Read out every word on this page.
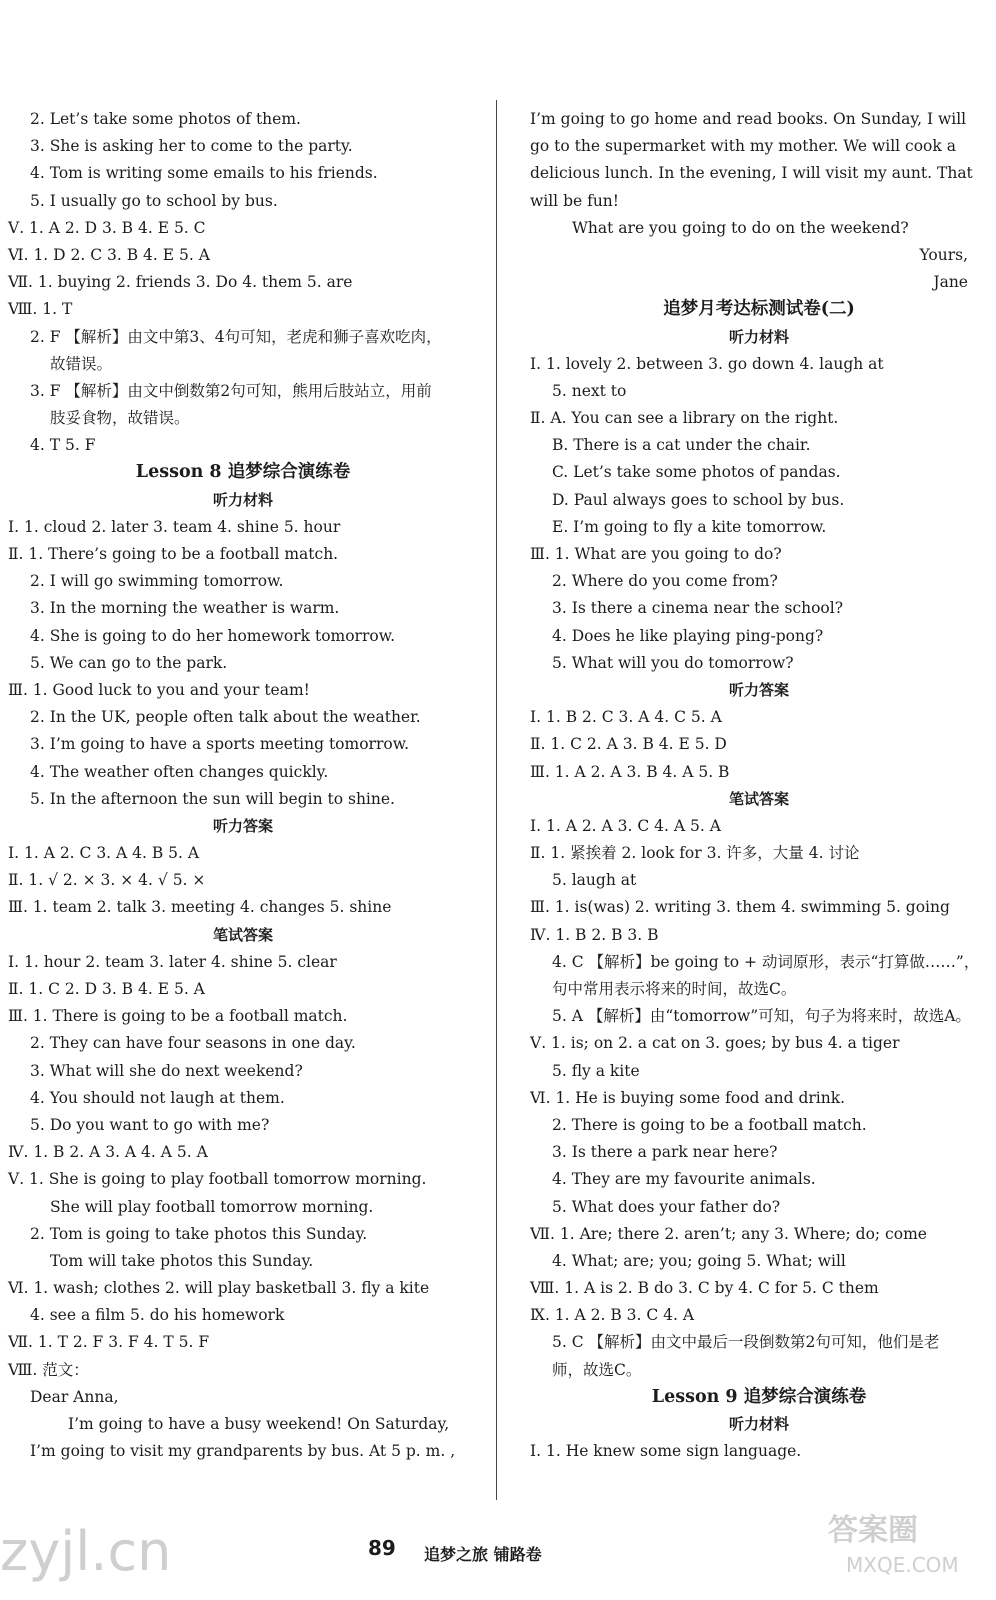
2. Let’s take some photos of them.
3. She is asking her to come to the party.
4. Tom is writing some emails to his friends.
5. I usually go to school by bus.
Ⅴ. 1. A 2. D 3. B 4. E 5. C
Ⅵ. 1. D 2. C 3. B 4. E 5. A
Ⅶ. 1. buying 2. friends 3. Do 4. them 5. are
Ⅷ. 1. T
2. F 【解析】由文中第3、4句可知，老虎和狮子喜欢吃肉，
故错误。
3. F 【解析】由文中倒数第2句可知，熊用后肢站立，用前
肢妥食物，故错误。
4. T 5. F
Lesson 8 追梦综合演练卷
听力材料
Ⅰ. 1. cloud 2. later 3. team 4. shine 5. hour
Ⅱ. 1. There’s going to be a football match.
2. I will go swimming tomorrow.
3. In the morning the weather is warm.
4. She is going to do her homework tomorrow.
5. We can go to the park.
Ⅲ. 1. Good luck to you and your team!
2. In the UK, people often talk about the weather.
3. I’m going to have a sports meeting tomorrow.
4. The weather often changes quickly.
5. In the afternoon the sun will begin to shine.
听力答案
Ⅰ. 1. A 2. C 3. A 4. B 5. A
Ⅱ. 1. √ 2. × 3. × 4. √ 5. ×
Ⅲ. 1. team 2. talk 3. meeting 4. changes 5. shine
笔试答案
Ⅰ. 1. hour 2. team 3. later 4. shine 5. clear
Ⅱ. 1. C 2. D 3. B 4. E 5. A
Ⅲ. 1. There is going to be a football match.
2. They can have four seasons in one day.
3. What will she do next weekend?
4. You should not laugh at them.
5. Do you want to go with me?
Ⅳ. 1. B 2. A 3. A 4. A 5. A
Ⅴ. 1. She is going to play football tomorrow morning.
She will play football tomorrow morning.
2. Tom is going to take photos this Sunday.
Tom will take photos this Sunday.
Ⅵ. 1. wash; clothes 2. will play basketball 3. fly a kite
4. see a film 5. do his homework
Ⅶ. 1. T 2. F 3. F 4. T 5. F
Ⅷ. 范文：
Dear Anna,
I’m going to have a busy weekend! On Saturday,
I’m going to visit my grandparents by bus. At 5 p. m. ,
I’m going to go home and read books. On Sunday, I will
go to the supermarket with my mother. We will cook a
delicious lunch. In the evening, I will visit my aunt. That
will be fun!
What are you going to do on the weekend?
Yours,
Jane
追梦月考达标测试卷(二)
听力材料
Ⅰ. 1. lovely 2. between 3. go down 4. laugh at
5. next to
Ⅱ. A. You can see a library on the right.
B. There is a cat under the chair.
C. Let’s take some photos of pandas.
D. Paul always goes to school by bus.
E. I’m going to fly a kite tomorrow.
Ⅲ. 1. What are you going to do?
2. Where do you come from?
3. Is there a cinema near the school?
4. Does he like playing ping-pong?
5. What will you do tomorrow?
听力答案
Ⅰ. 1. B 2. C 3. A 4. C 5. A
Ⅱ. 1. C 2. A 3. B 4. E 5. D
Ⅲ. 1. A 2. A 3. B 4. A 5. B
笔试答案
Ⅰ. 1. A 2. A 3. C 4. A 5. A
Ⅱ. 1. 紧挨着 2. look for 3. 许多，大量 4. 讨论
5. laugh at
Ⅲ. 1. is(was) 2. writing 3. them 4. swimming 5. going
Ⅳ. 1. B 2. B 3. B
4. C 【解析】be going to + 动词原形，表示“打算做……”，
句中常用表示将来的时间，故选C。
5. A 【解析】由“tomorrow”可知，句子为将来时，故选A。
Ⅴ. 1. is; on 2. a cat on 3. goes; by bus 4. a tiger
5. fly a kite
Ⅵ. 1. He is buying some food and drink.
2. There is going to be a football match.
3. Is there a park near here?
4. They are my favourite animals.
5. What does your father do?
Ⅶ. 1. Are; there 2. aren’t; any 3. Where; do; come
4. What; are; you; going 5. What; will
Ⅷ. 1. A is 2. B do 3. C by 4. C for 5. C them
Ⅸ. 1. A 2. B 3. C 4. A
5. C 【解析】由文中最后一段倒数第2句可知，他们是老
师，故选C。
Lesson 9 追梦综合演练卷
听力材料
Ⅰ. 1. He knew some sign language.
89 追梦之旅 铺路卷
zyjl.cn	答案圈
MXQE.COM
